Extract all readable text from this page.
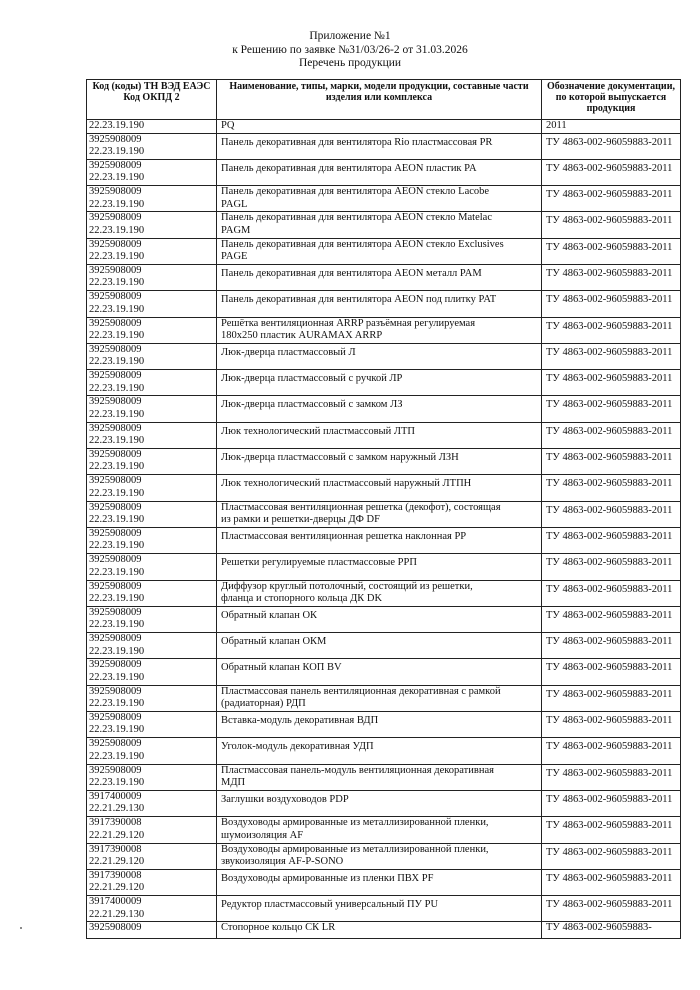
Приложение №1
к Решению по заявке №31/03/26-2 от 31.03.2026
Перечень продукции
Код (коды) ТН ВЭД ЕАЭС Код ОКПД 2	Наименование, типы, марки, модели продукции, составные части изделия или комплекса	Обозначение документации, по которой выпускается продукция

22.23.19.190	PQ	2011

3925908009
22.23.19.190	Панель декоративная для вентилятора Rio пластмассовая PR	ТУ 4863-002-96059883-2011

3925908009
22.23.19.190	Панель декоративная для вентилятора AEON пластик PA	ТУ 4863-002-96059883-2011

3925908009
22.23.19.190	Панель декоративная для вентилятора AEON стекло Lacobe
PAGL	ТУ 4863-002-96059883-2011

3925908009
22.23.19.190	Панель декоративная для вентилятора AEON стекло Matelac
PAGM	ТУ 4863-002-96059883-2011

3925908009
22.23.19.190	Панель декоративная для вентилятора AEON стекло Exclusives
PAGE	ТУ 4863-002-96059883-2011

3925908009
22.23.19.190	Панель декоративная для вентилятора AEON металл PAM	ТУ 4863-002-96059883-2011

3925908009
22.23.19.190	Панель декоративная для вентилятора AEON под плитку PAT	ТУ 4863-002-96059883-2011

3925908009
22.23.19.190	Решётка вентиляционная ARRP разъёмная регулируемая
180x250 пластик AURAMAX ARRP	ТУ 4863-002-96059883-2011

3925908009
22.23.19.190	Люк-дверца пластмассовый Л	ТУ 4863-002-96059883-2011

3925908009
22.23.19.190	Люк-дверца пластмассовый с ручкой ЛР	ТУ 4863-002-96059883-2011

3925908009
22.23.19.190	Люк-дверца пластмассовый с замком ЛЗ	ТУ 4863-002-96059883-2011

3925908009
22.23.19.190	Люк технологический пластмассовый ЛТП	ТУ 4863-002-96059883-2011

3925908009
22.23.19.190	Люк-дверца пластмассовый с замком наружный ЛЗН	ТУ 4863-002-96059883-2011

3925908009
22.23.19.190	Люк технологический пластмассовый наружный ЛТПН	ТУ 4863-002-96059883-2011

3925908009
22.23.19.190	Пластмассовая вентиляционная решетка (декофот), состоящая
из рамки и решетки-дверцы ДФ DF	ТУ 4863-002-96059883-2011

3925908009
22.23.19.190	Пластмассовая вентиляционная решетка наклонная РР	ТУ 4863-002-96059883-2011

3925908009
22.23.19.190	Решетки регулируемые пластмассовые РРП	ТУ 4863-002-96059883-2011

3925908009
22.23.19.190	Диффузор круглый потолочный, состоящий из решетки,
фланца и стопорного кольца ДК DK	ТУ 4863-002-96059883-2011

3925908009
22.23.19.190	Обратный клапан ОК	ТУ 4863-002-96059883-2011

3925908009
22.23.19.190	Обратный клапан ОКМ	ТУ 4863-002-96059883-2011

3925908009
22.23.19.190	Обратный клапан КОП BV	ТУ 4863-002-96059883-2011

3925908009
22.23.19.190	Пластмассовая панель вентиляционная декоративная с рамкой
(радиаторная) РДП	ТУ 4863-002-96059883-2011

3925908009
22.23.19.190	Вставка-модуль декоративная ВДП	ТУ 4863-002-96059883-2011

3925908009
22.23.19.190	Уголок-модуль декоративная УДП	ТУ 4863-002-96059883-2011

3925908009
22.23.19.190	Пластмассовая панель-модуль вентиляционная декоративная
МДП	ТУ 4863-002-96059883-2011

3917400009
22.21.29.130	Заглушки воздуховодов PDP	ТУ 4863-002-96059883-2011

3917390008
22.21.29.120	Воздуховоды армированные из металлизированной пленки,
шумоизоляция AF	ТУ 4863-002-96059883-2011

3917390008
22.21.29.120	Воздуховоды армированные из металлизированной пленки,
звукоизоляция AF-P-SONO	ТУ 4863-002-96059883-2011

3917390008
22.21.29.120	Воздуховоды армированные из пленки ПВХ PF	ТУ 4863-002-96059883-2011

3917400009
22.21.29.130	Редуктор пластмассовый универсальный ПУ PU	ТУ 4863-002-96059883-2011

3925908009	Стопорное кольцо СК LR	ТУ 4863-002-96059883-
